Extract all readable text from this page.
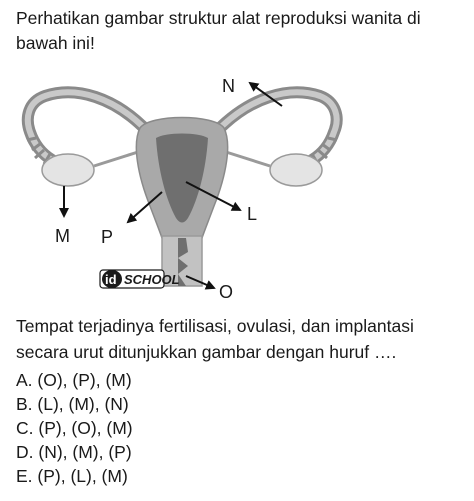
Perhatikan gambar struktur alat reproduksi wanita di bawah ini!

id SCHOOL
N
M P
L
O

Tempat terjadinya fertilisasi, ovulasi, dan implantasi secara urut ditunjukkan gambar dengan huruf ….

A. (O), (P), (M)
B. (L), (M), (N)
C. (P), (O), (M)
D. (N), (M), (P)
E. (P), (L), (M)
